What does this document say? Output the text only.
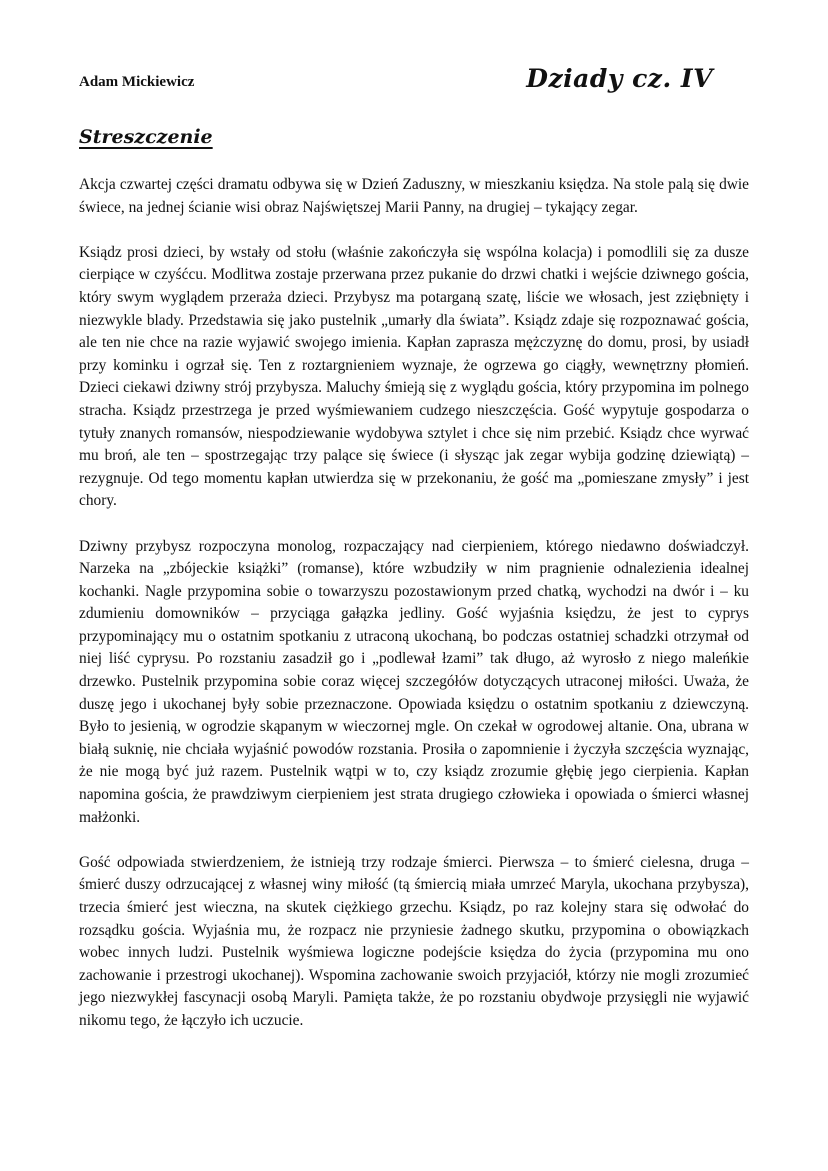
Adam Mickiewicz	Dziady cz. IV
Streszczenie

Akcja czwartej części dramatu odbywa się w Dzień Zaduszny, w mieszkaniu księdza. Na stole palą się dwie świece, na jednej ścianie wisi obraz Najświętszej Marii Panny, na drugiej – tykający zegar.

Ksiądz prosi dzieci, by wstały od stołu (właśnie zakończyła się wspólna kolacja) i pomodlili się za dusze cierpiące w czyśćcu. Modlitwa zostaje przerwana przez pukanie do drzwi chatki i wejście dziwnego gościa, który swym wyglądem przeraża dzieci. Przybysz ma potarganą szatę, liście we włosach, jest zziębnięty i niezwykle blady. Przedstawia się jako pustelnik „umarły dla świata”. Ksiądz zdaje się rozpoznawać gościa, ale ten nie chce na razie wyjawić swojego imienia. Kapłan zaprasza mężczyznę do domu, prosi, by usiadł przy kominku i ogrzał się. Ten z roztargnieniem wyznaje, że ogrzewa go ciągły, wewnętrzny płomień. Dzieci ciekawi dziwny strój przybysza. Maluchy śmieją się z wyglądu gościa, który przypomina im polnego stracha. Ksiądz przestrzega je przed wyśmiewaniem cudzego nieszczęścia. Gość wypytuje gospodarza o tytuły znanych romansów, niespodziewanie wydobywa sztylet i chce się nim przebić. Ksiądz chce wyrwać mu broń, ale ten – spostrzegając trzy palące się świece (i słysząc jak zegar wybija godzinę dziewiątą) – rezygnuje. Od tego momentu kapłan utwierdza się w przekonaniu, że gość ma „pomieszane zmysły” i jest chory.

Dziwny przybysz rozpoczyna monolog, rozpaczający nad cierpieniem, którego niedawno doświadczył. Narzeka na „zbójeckie książki” (romanse), które wzbudziły w nim pragnienie odnalezienia idealnej kochanki. Nagle przypomina sobie o towarzyszu pozostawionym przed chatką, wychodzi na dwór i – ku zdumieniu domowników – przyciąga gałązka jedliny. Gość wyjaśnia księdzu, że jest to cyprys przypominający mu o ostatnim spotkaniu z utraconą ukochaną, bo podczas ostatniej schadzki otrzymał od niej liść cyprysu. Po rozstaniu zasadził go i „podlewał łzami” tak długo, aż wyrosło z niego maleńkie drzewko. Pustelnik przypomina sobie coraz więcej szczegółów dotyczących utraconej miłości. Uważa, że duszę jego i ukochanej były sobie przeznaczone. Opowiada księdzu o ostatnim spotkaniu z dziewczyną. Było to jesienią, w ogrodzie skąpanym w wieczornej mgle. On czekał w ogrodowej altanie. Ona, ubrana w białą suknię, nie chciała wyjaśnić powodów rozstania. Prosiła o zapomnienie i życzyła szczęścia wyznając, że nie mogą być już razem. Pustelnik wątpi w to, czy ksiądz zrozumie głębię jego cierpienia. Kapłan napomina gościa, że prawdziwym cierpieniem jest strata drugiego człowieka i opowiada o śmierci własnej małżonki.

Gość odpowiada stwierdzeniem, że istnieją trzy rodzaje śmierci. Pierwsza – to śmierć cielesna, druga – śmierć duszy odrzucającej z własnej winy miłość (tą śmiercią miała umrzeć Maryla, ukochana przybysza), trzecia śmierć jest wieczna, na skutek ciężkiego grzechu. Ksiądz, po raz kolejny stara się odwołać do rozsądku gościa. Wyjaśnia mu, że rozpacz nie przyniesie żadnego skutku, przypomina o obowiązkach wobec innych ludzi. Pustelnik wyśmiewa logiczne podejście księdza do życia (przypomina mu ono zachowanie i przestrogi ukochanej). Wspomina zachowanie swoich przyjaciół, którzy nie mogli zrozumieć jego niezwykłej fascynacji osobą Maryli. Pamięta także, że po rozstaniu obydwoje przysięgli nie wyjawić nikomu tego, że łączyło ich uczucie.
